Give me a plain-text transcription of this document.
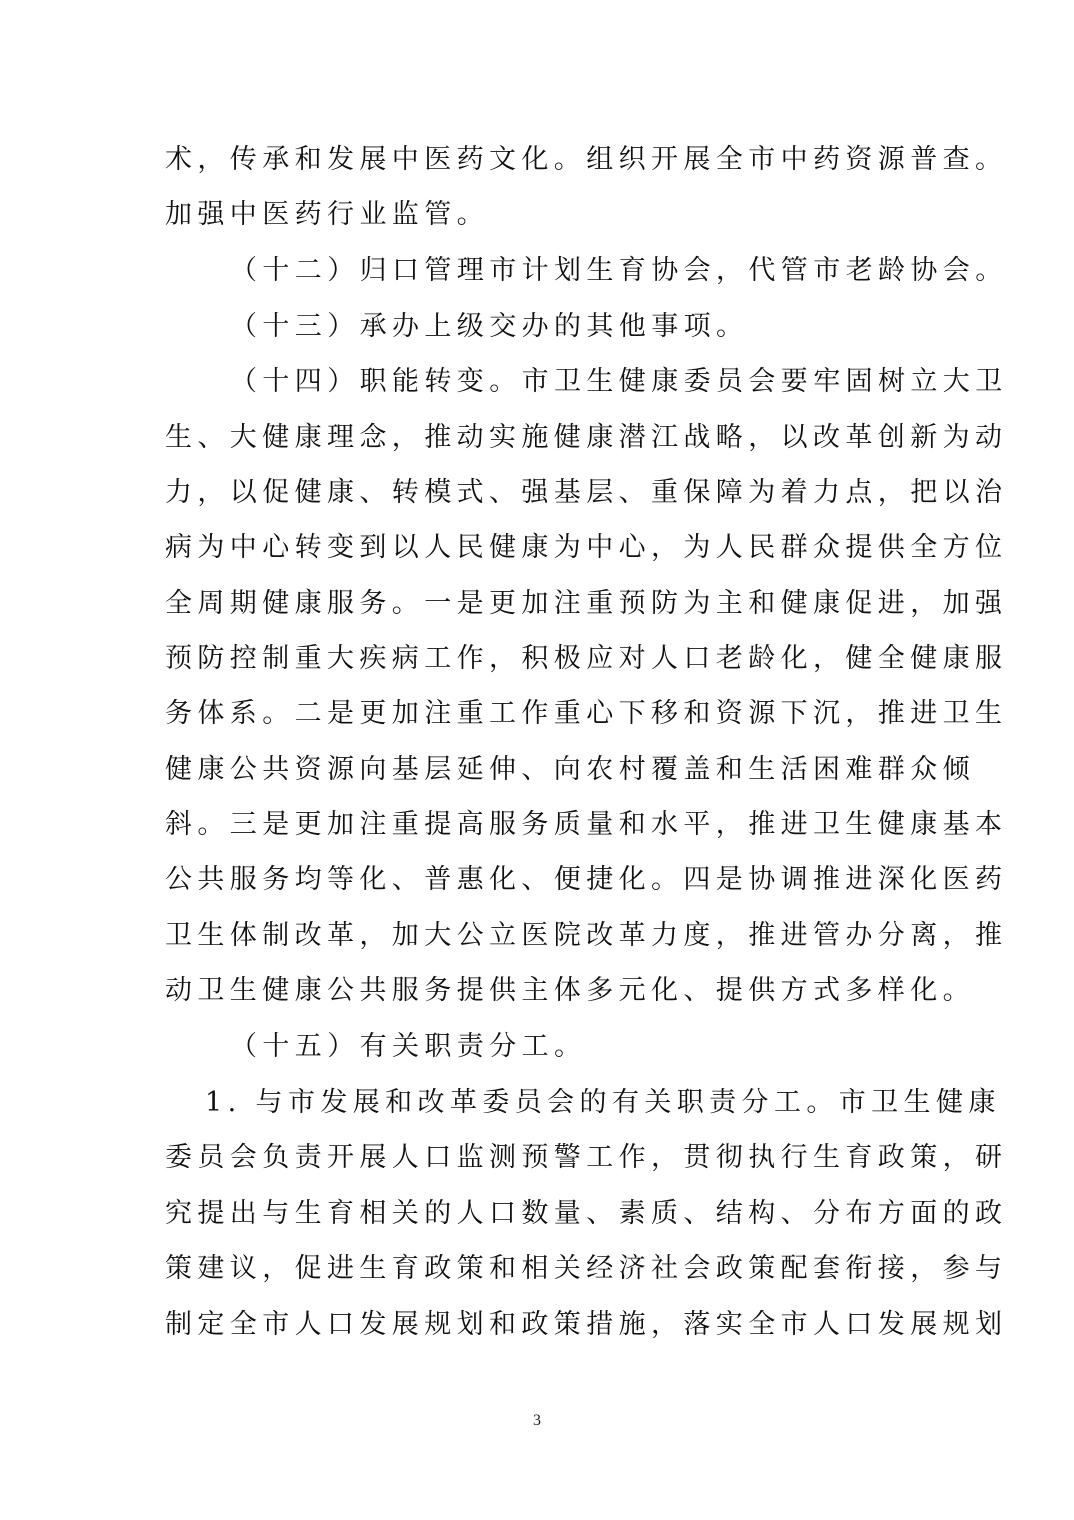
术，传承和发展中医药文化。组织开展全市中药资源普查。
加强中医药行业监管。
（十二）归口管理市计划生育协会，代管市老龄协会。
（十三）承办上级交办的其他事项。
（十四）职能转变。市卫生健康委员会要牢固树立大卫
生、大健康理念，推动实施健康潜江战略，以改革创新为动
力，以促健康、转模式、强基层、重保障为着力点，把以治
病为中心转变到以人民健康为中心，为人民群众提供全方位
全周期健康服务。一是更加注重预防为主和健康促进，加强
预防控制重大疾病工作，积极应对人口老龄化，健全健康服
务体系。二是更加注重工作重心下移和资源下沉，推进卫生
健康公共资源向基层延伸、向农村覆盖和生活困难群众倾
斜。三是更加注重提高服务质量和水平，推进卫生健康基本
公共服务均等化、普惠化、便捷化。四是协调推进深化医药
卫生体制改革，加大公立医院改革力度，推进管办分离，推
动卫生健康公共服务提供主体多元化、提供方式多样化。
（十五）有关职责分工。
1. 与市发展和改革委员会的有关职责分工。市卫生健康
委员会负责开展人口监测预警工作，贯彻执行生育政策，研
究提出与生育相关的人口数量、素质、结构、分布方面的政
策建议，促进生育政策和相关经济社会政策配套衔接，参与
制定全市人口发展规划和政策措施，落实全市人口发展规划
3
